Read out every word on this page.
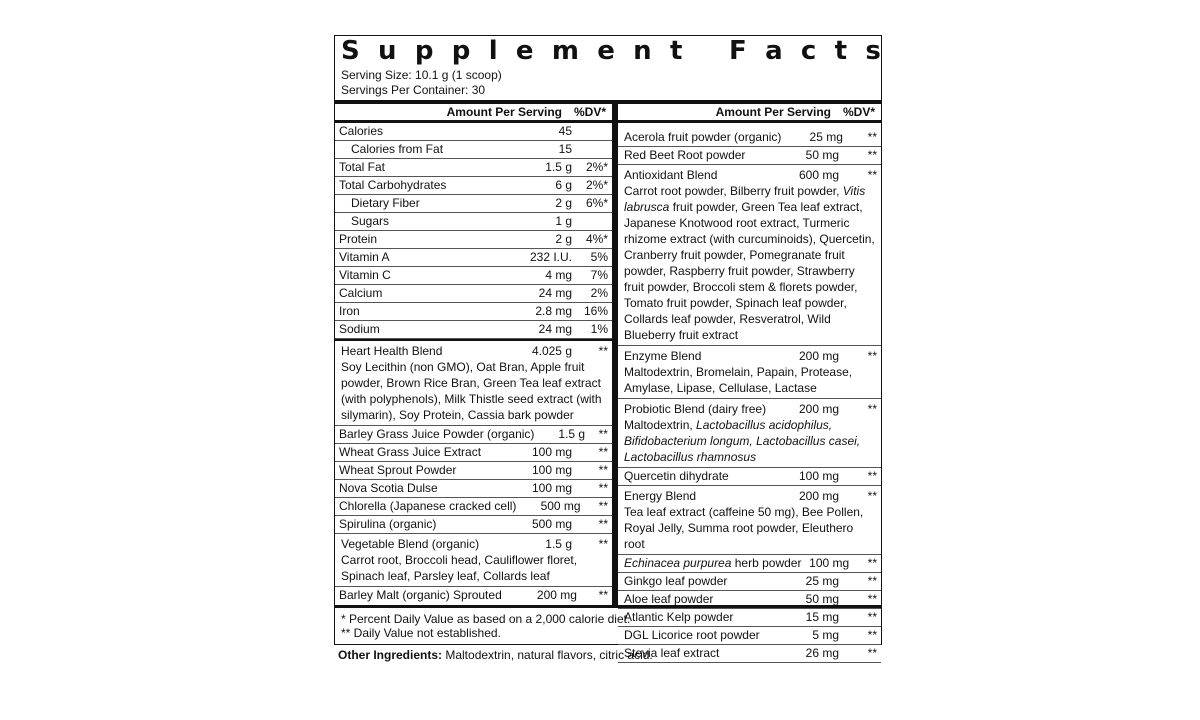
S u p p l e m e n t F a c t s
Serving Size: 10.1 g (1 scoop)
Servings Per Container: 30
Amount Per Serving	%DV*
Calories	45
Calories from Fat	15
Total Fat	1.5 g	2%*
Total Carbohydrates	6 g	2%*
Dietary Fiber	2 g	6%*
Sugars	1 g
Protein	2 g	4%*
Vitamin A	232 I.U.	5%
Vitamin C	4 mg	7%
Calcium	24 mg	2%
Iron	2.8 mg 16%
Sodium	24 mg	1%
Heart Health Blend	4.025 g	**
Soy Lecithin (non GMO), Oat Bran, Apple fruit powder, Brown Rice Bran, Green Tea leaf extract (with polyphenols), Milk Thistle seed extract (with silymarin), Soy Protein, Cassia bark powder
Barley Grass Juice Powder (organic)	1.5 g	**
Wheat Grass Juice Extract	100 mg	**
Wheat Sprout Powder	100 mg	**
Nova Scotia Dulse	100 mg	**
Chlorella (Japanese cracked cell)	500 mg	**
Spirulina (organic)	500 mg	**
Vegetable Blend (organic)	1.5 g	**
Carrot root, Broccoli head, Cauliflower floret, Spinach leaf, Parsley leaf, Collards leaf
Barley Malt (organic) Sprouted	200 mg	**
Amount Per Serving	%DV*
Acerola fruit powder (organic)	25 mg	**
Red Beet Root powder	50 mg	**
Antioxidant Blend	600 mg	**
Carrot root powder, Bilberry fruit powder, Vitis labrusca fruit powder, Green Tea leaf extract, Japanese Knotwood root extract, Turmeric rhizome extract (with curcuminoids), Quercetin, Cranberry fruit powder, Pomegranate fruit powder, Raspberry fruit powder, Strawberry fruit powder, Broccoli stem & florets powder, Tomato fruit powder, Spinach leaf powder, Collards leaf powder, Resveratrol, Wild Blueberry fruit extract
Enzyme Blend	200 mg	**
Maltodextrin, Bromelain, Papain, Protease, Amylase, Lipase, Cellulase, Lactase
Probiotic Blend (dairy free)	200 mg	**
Maltodextrin, Lactobacillus acidophilus, Bifidobacterium longum, Lactobacillus casei, Lactobacillus rhamnosus
Quercetin dihydrate	100 mg	**
Energy Blend	200 mg	**
Tea leaf extract (caffeine 50 mg), Bee Pollen, Royal Jelly, Summa root powder, Eleuthero root
Echinacea purpurea herb powder 100 mg	**
Ginkgo leaf powder	25 mg	**
Aloe leaf powder	50 mg	**
Atlantic Kelp powder	15 mg	**
DGL Licorice root powder	5 mg	**
Stevia leaf extract	26 mg	**
* Percent Daily Value as based on a 2,000 calorie diet.
** Daily Value not established.
Other Ingredients: Maltodextrin, natural flavors, citric acid.
